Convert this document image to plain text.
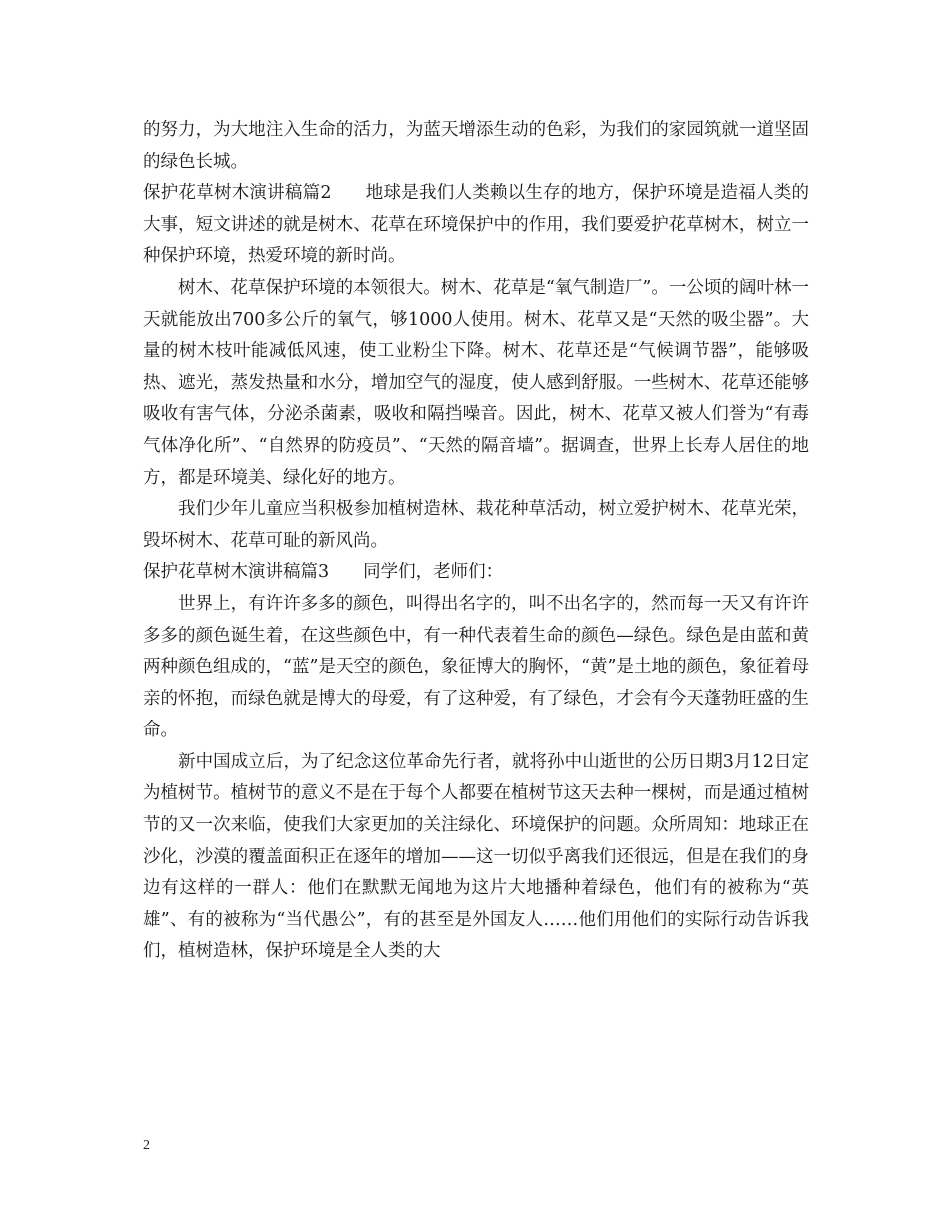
的努力，为大地注入生命的活力，为蓝天增添生动的色彩，为我们的家园筑就一道坚固的绿色长城。

保护花草树木演讲稿篇2 地球是我们人类赖以生存的地方，保护环境是造福人类的大事，短文讲述的就是树木、花草在环境保护中的作用，我们要爱护花草树木，树立一种保护环境，热爱环境的新时尚。

树木、花草保护环境的本领很大。树木、花草是“氧气制造厂”。一公顷的阔叶林一天就能放出700多公斤的氧气，够1000人使用。树木、花草又是“天然的吸尘器”。大量的树木枝叶能减低风速，使工业粉尘下降。树木、花草还是“气候调节器”，能够吸热、遮光，蒸发热量和水分，增加空气的湿度，使人感到舒服。一些树木、花草还能够吸收有害气体，分泌杀菌素，吸收和隔挡噪音。因此，树木、花草又被人们誉为“有毒气体净化所”、“自然界的防疫员”、“天然的隔音墙”。据调查，世界上长寿人居住的地方，都是环境美、绿化好的地方。

我们少年儿童应当积极参加植树造林、栽花种草活动，树立爱护树木、花草光荣，毁坏树木、花草可耻的新风尚。

保护花草树木演讲稿篇3 同学们，老师们：

世界上，有许许多多的颜色，叫得出名字的，叫不出名字的，然而每一天又有许许多多的颜色诞生着，在这些颜色中，有一种代表着生命的颜色—绿色。绿色是由蓝和黄两种颜色组成的，“蓝”是天空的颜色，象征博大的胸怀，“黄”是土地的颜色，象征着母亲的怀抱，而绿色就是博大的母爱，有了这种爱，有了绿色，才会有今天蓬勃旺盛的生命。

新中国成立后，为了纪念这位革命先行者，就将孙中山逝世的公历日期3月12日定为植树节。植树节的意义不是在于每个人都要在植树节这天去种一棵树，而是通过植树节的又一次来临，使我们大家更加的关注绿化、环境保护的问题。众所周知：地球正在沙化，沙漠的覆盖面积正在逐年的增加——这一切似乎离我们还很远，但是在我们的身边有这样的一群人：他们在默默无闻地为这片大地播种着绿色，他们有的被称为“英雄”、有的被称为“当代愚公”，有的甚至是外国友人……他们用他们的实际行动告诉我们，植树造林，保护环境是全人类的大

2
